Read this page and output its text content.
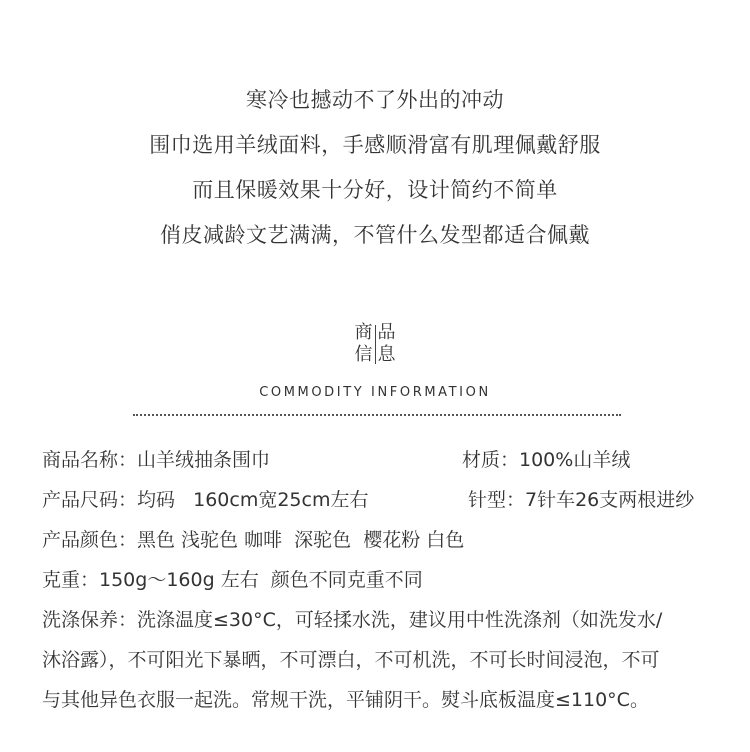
寒冷也撼动不了外出的冲动
围巾选用羊绒面料，手感顺滑富有肌理佩戴舒服
而且保暖效果十分好，设计简约不简单
俏皮减龄文艺满满，不管什么发型都适合佩戴
商 品
信 息
COMMODITY INFORMATION
商品名称：山羊绒抽条围巾	材质：100%山羊绒
产品尺码：均码   160cm宽25cm左右	针型：7针车26支两根进纱
产品颜色：黑色 浅驼色 咖啡  深驼色  樱花粉 白色
克重：150g～160g 左右  颜色不同克重不同
洗涤保养：洗涤温度≤30°C，可轻揉水洗，建议用中性洗涤剂（如洗发水/
沐浴露），不可阳光下暴晒，不可漂白，不可机洗，不可长时间浸泡，不可
与其他异色衣服一起洗。常规干洗，平铺阴干。熨斗底板温度≤110°C。
